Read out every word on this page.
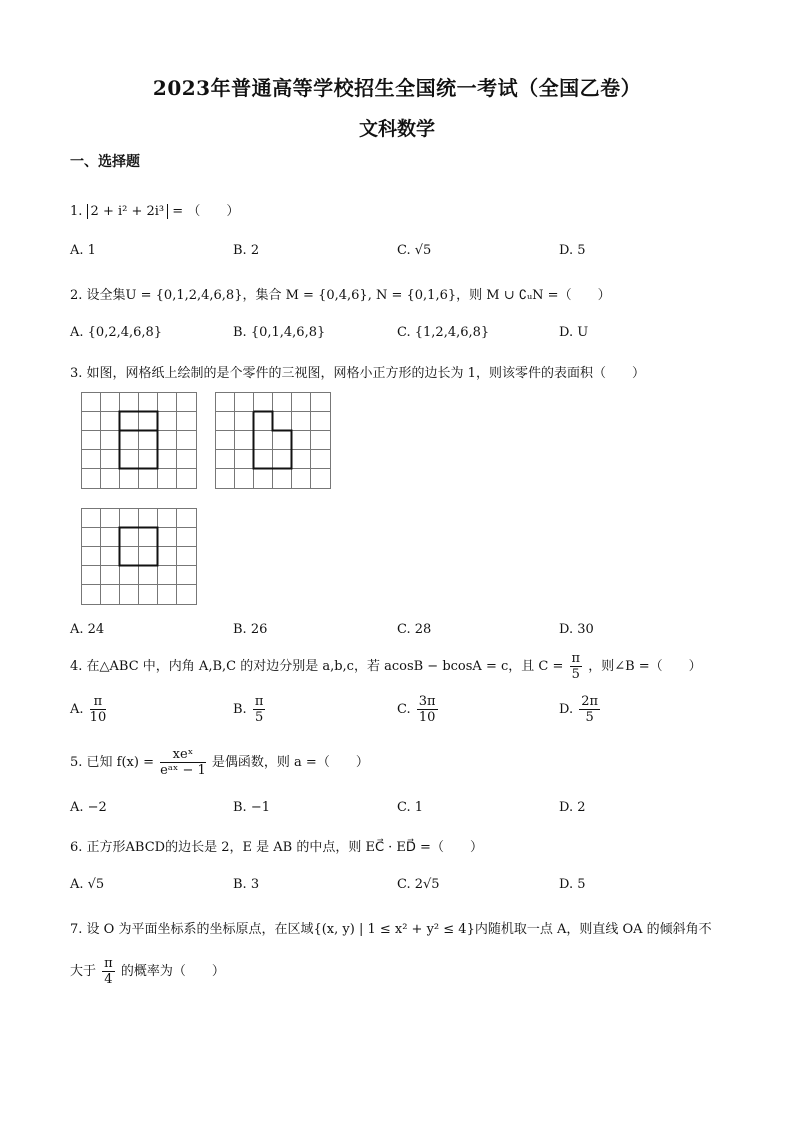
2023年普通高等学校招生全国统一考试（全国乙卷）
文科数学
一、选择题
1. 2 + i² + 2i³ = （　　）
A. 1	B. 2	C. √5	D. 5
2. 设全集U = {0,1,2,4,6,8}，集合 M = {0,4,6}, N = {0,1,6}，则 M ∪ ∁ᵤN =（　　）
A. {0,2,4,6,8}	B. {0,1,4,6,8}	C. {1,2,4,6,8}	D. U
3. 如图，网格纸上绘制的是个零件的三视图，网格小正方形的边长为 1，则该零件的表面积（　　）
A. 24	B. 26	C. 28	D. 30
4. 在△ABC 中，内角 A,B,C 的对边分别是 a,b,c，若 acosB − bcosA = c，且 $C = \frac{\pi}{5}$ ，则∠B =（　　）
A. $\frac{\pi}{10}$	B. $\frac{\pi}{5}$	C. $\frac{3\pi}{10}$	D. $\frac{2\pi}{5}$
5. 已知 $f(x) = \frac{\text{xeˣ}}{\text{eᵃˣ − 1}}$ 是偶函数，则 a =（　　）
A. −2	B. −1	C. 1	D. 2
6. 正方形ABCD的边长是 2，E 是 AB 的中点，则 EC⃗ · ED⃗ =（　　）
A. √5	B. 3	C. 2√5	D. 5
7. 设 O 为平面坐标系的坐标原点，在区域{(x, y) | 1 ≤ x² + y² ≤ 4}内随机取一点 A，则直线 OA 的倾斜角不
大于 $\frac{\pi}{4}$ 的概率为（　　）
